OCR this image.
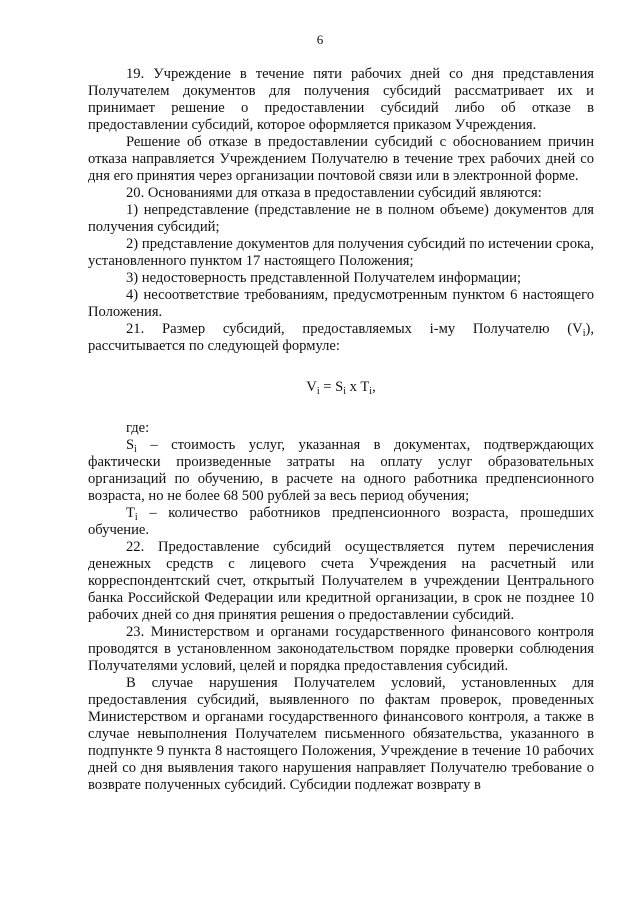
6

19. Учреждение в течение пяти рабочих дней со дня представления Получателем документов для получения субсидий рассматривает их и принимает решение о предоставлении субсидий либо об отказе в предоставлении субсидий, которое оформляется приказом Учреждения.

Решение об отказе в предоставлении субсидий с обоснованием причин отказа направляется Учреждением Получателю в течение трех рабочих дней со дня его принятия через организации почтовой связи или в электронной форме.

20. Основаниями для отказа в предоставлении субсидий являются:

1) непредставление (представление не в полном объеме) документов для получения субсидий;

2) представление документов для получения субсидий по истечении срока, установленного пунктом 17 настоящего Положения;

3) недостоверность представленной Получателем информации;

4) несоответствие требованиям, предусмотренным пунктом 6 настоящего Положения.

21. Размер субсидий, предоставляемых i-му Получателю $(V_i)$, рассчитывается по следующей формуле:

$V_i = S_i$ x $T_i$,

где:

$S_i$ – стоимость услуг, указанная в документах, подтверждающих фактически произведенные затраты на оплату услуг образовательных организаций по обучению, в расчете на одного работника предпенсионного возраста, но не более 68 500 рублей за весь период обучения;

$T_i$ – количество работников предпенсионного возраста, прошедших обучение.

22. Предоставление субсидий осуществляется путем перечисления денежных средств с лицевого счета Учреждения на расчетный или корреспондентский счет, открытый Получателем в учреждении Центрального банка Российской Федерации или кредитной организации, в срок не позднее 10 рабочих дней со дня принятия решения о предоставлении субсидий.

23. Министерством и органами государственного финансового контроля проводятся в установленном законодательством порядке проверки соблюдения Получателями условий, целей и порядка предоставления субсидий.

В случае нарушения Получателем условий, установленных для предоставления субсидий, выявленного по фактам проверок, проведенных Министерством и органами государственного финансового контроля, а также в случае невыполнения Получателем письменного обязательства, указанного в подпункте 9 пункта 8 настоящего Положения, Учреждение в течение 10 рабочих дней со дня выявления такого нарушения направляет Получателю требование о возврате полученных субсидий. Субсидии подлежат возврату в
